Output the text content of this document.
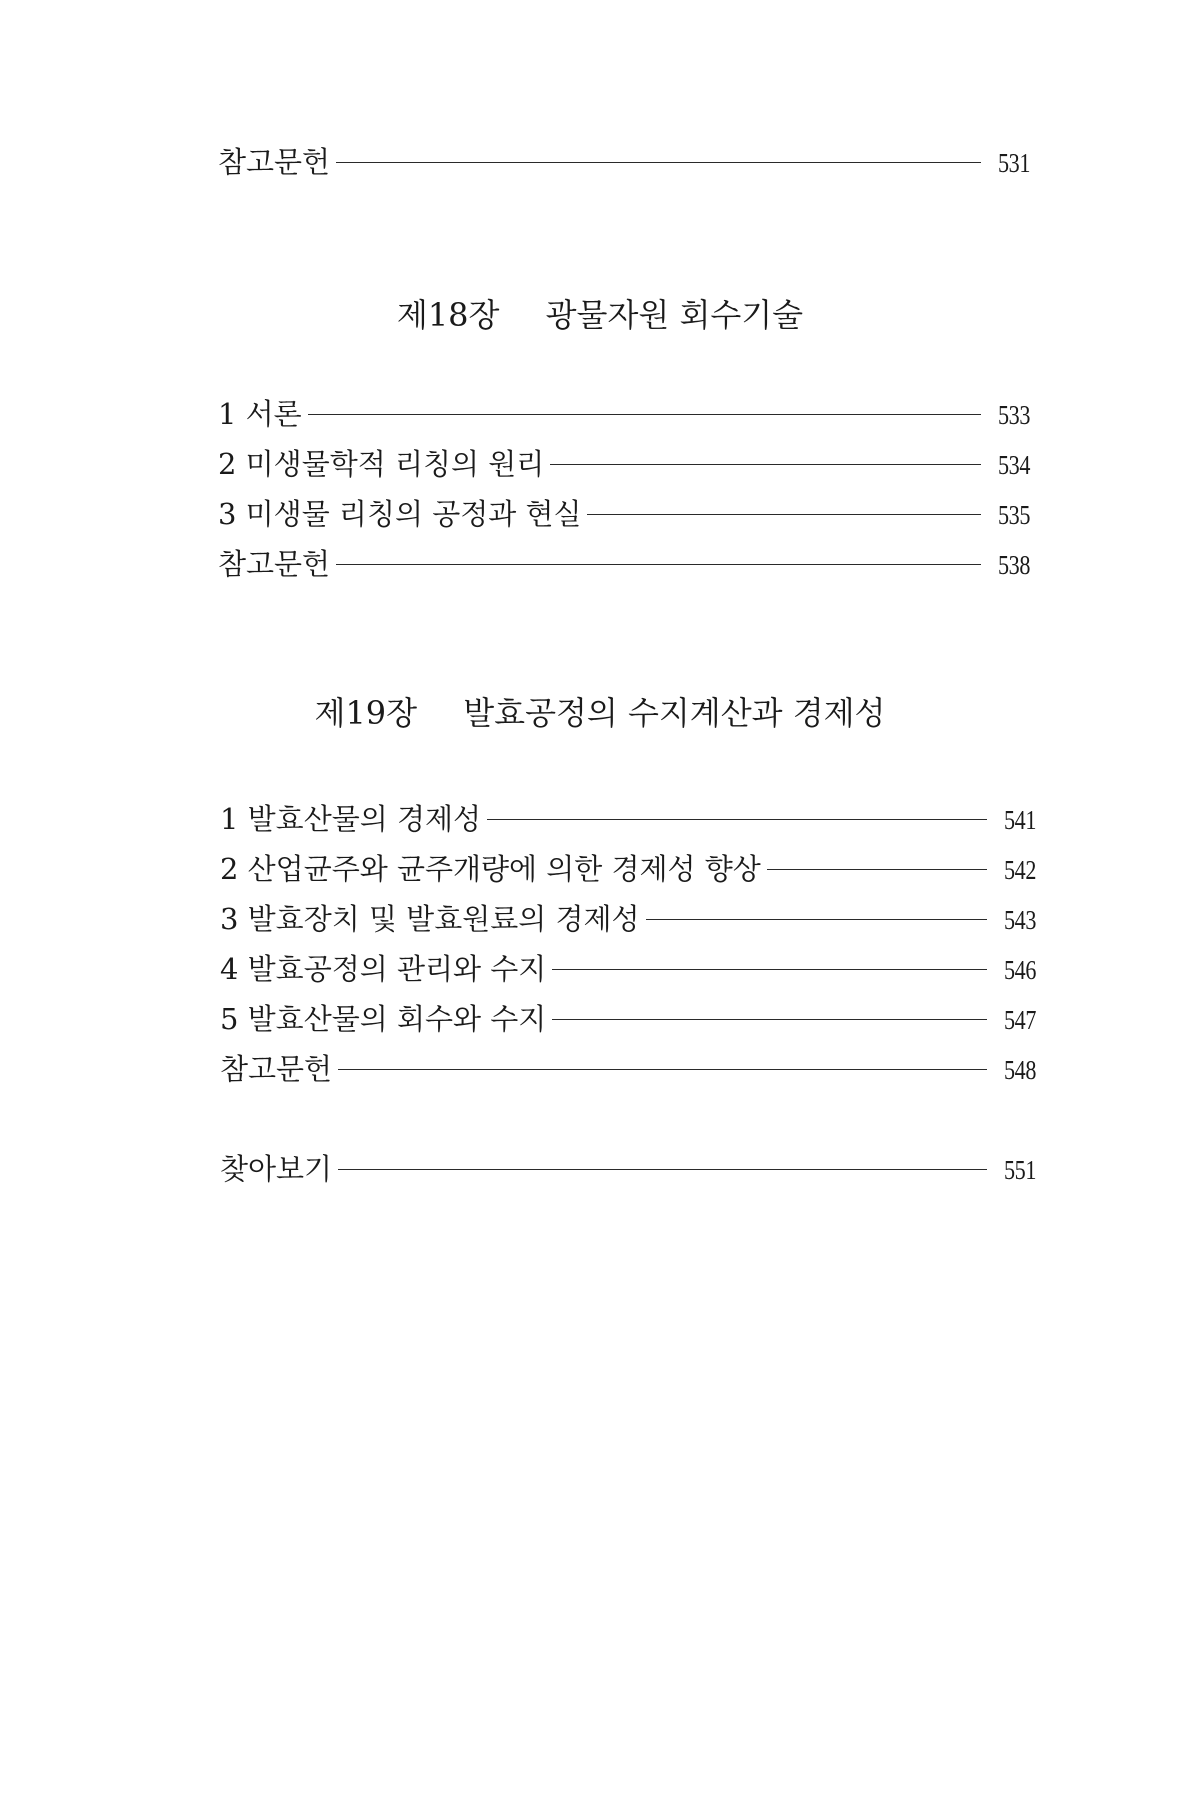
참고문헌	531
제18장 광물자원 회수기술
1 서론	533
2 미생물학적 리칭의 원리	534
3 미생물 리칭의 공정과 현실	535
참고문헌	538
제19장 발효공정의 수지계산과 경제성
1 발효산물의 경제성	541
2 산업균주와 균주개량에 의한 경제성 향상	542
3 발효장치 및 발효원료의 경제성	543
4 발효공정의 관리와 수지	546
5 발효산물의 회수와 수지	547
참고문헌	548
찾아보기	551
